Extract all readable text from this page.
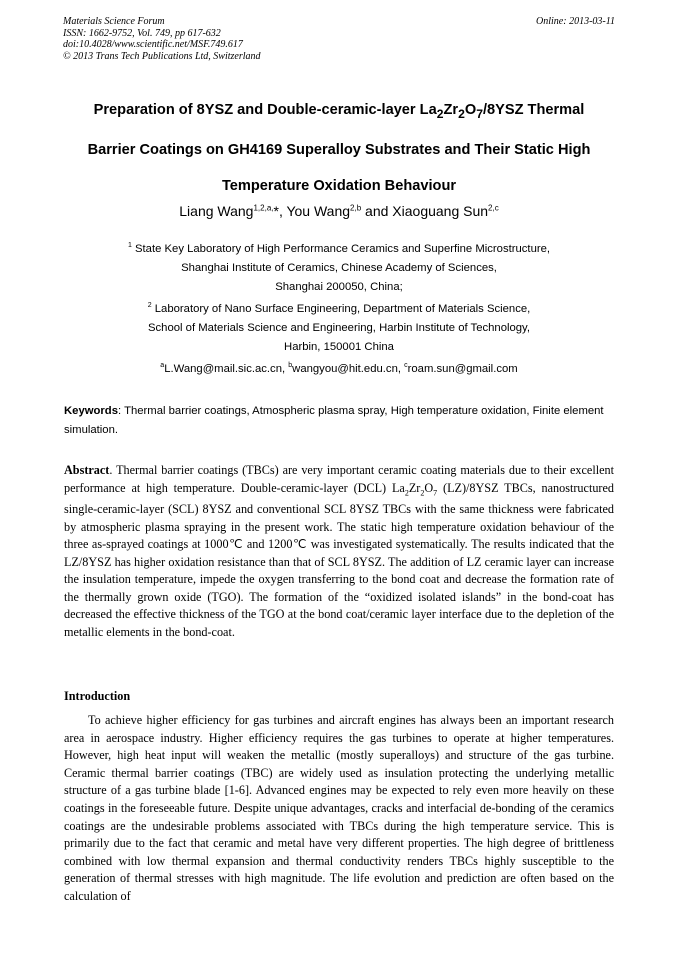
Materials Science Forum
ISSN: 1662-9752, Vol. 749, pp 617-632
doi:10.4028/www.scientific.net/MSF.749.617
© 2013 Trans Tech Publications Ltd, Switzerland
Online: 2013-03-11
Preparation of 8YSZ and Double-ceramic-layer $La_2Zr_2O_7/8YSZ$ Thermal
Barrier Coatings on GH4169 Superalloy Substrates and Their Static High
Temperature Oxidation Behaviour
Liang Wang$^{1,2,a,}$*, You Wang$^{2,b}$ and Xiaoguang Sun$^{2,c}$
$^1$ State Key Laboratory of High Performance Ceramics and Superfine Microstructure,
Shanghai Institute of Ceramics, Chinese Academy of Sciences,
Shanghai 200050, China;
$^2$ Laboratory of Nano Surface Engineering, Department of Materials Science,
School of Materials Science and Engineering, Harbin Institute of Technology,
Harbin, 150001 China
$^a$L.Wang@mail.sic.ac.cn, $^b$wangyou@hit.edu.cn, $^c$roam.sun@gmail.com
Keywords: Thermal barrier coatings, Atmospheric plasma spray, High temperature oxidation, Finite element simulation.
Abstract. Thermal barrier coatings (TBCs) are very important ceramic coating materials due to their excellent performance at high temperature. Double-ceramic-layer (DCL) $La_2Zr_2O_7$ (LZ)/8YSZ TBCs, nanostructured single-ceramic-layer (SCL) 8YSZ and conventional SCL 8YSZ TBCs with the same thickness were fabricated by atmospheric plasma spraying in the present work. The static high temperature oxidation behaviour of the three as-sprayed coatings at 1000℃ and 1200℃ was investigated systematically. The results indicated that the LZ/8YSZ has higher oxidation resistance than that of SCL 8YSZ. The addition of LZ ceramic layer can increase the insulation temperature, impede the oxygen transferring to the bond coat and decrease the formation rate of the thermally grown oxide (TGO). The formation of the “oxidized isolated islands” in the bond-coat has decreased the effective thickness of the TGO at the bond coat/ceramic layer interface due to the depletion of the metallic elements in the bond-coat.
Introduction
To achieve higher efficiency for gas turbines and aircraft engines has always been an important research area in aerospace industry. Higher efficiency requires the gas turbines to operate at higher temperatures. However, high heat input will weaken the metallic (mostly superalloys) and structure of the gas turbine. Ceramic thermal barrier coatings (TBC) are widely used as insulation protecting the underlying metallic structure of a gas turbine blade [1-6]. Advanced engines may be expected to rely even more heavily on these coatings in the foreseeable future. Despite unique advantages, cracks and interfacial de-bonding of the ceramics coatings are the undesirable problems associated with TBCs during the high temperature service. This is primarily due to the fact that ceramic and metal have very different properties. The high degree of brittleness combined with low thermal expansion and thermal conductivity renders TBCs highly susceptible to the generation of thermal stresses with high magnitude. The life evolution and prediction are often based on the calculation of
